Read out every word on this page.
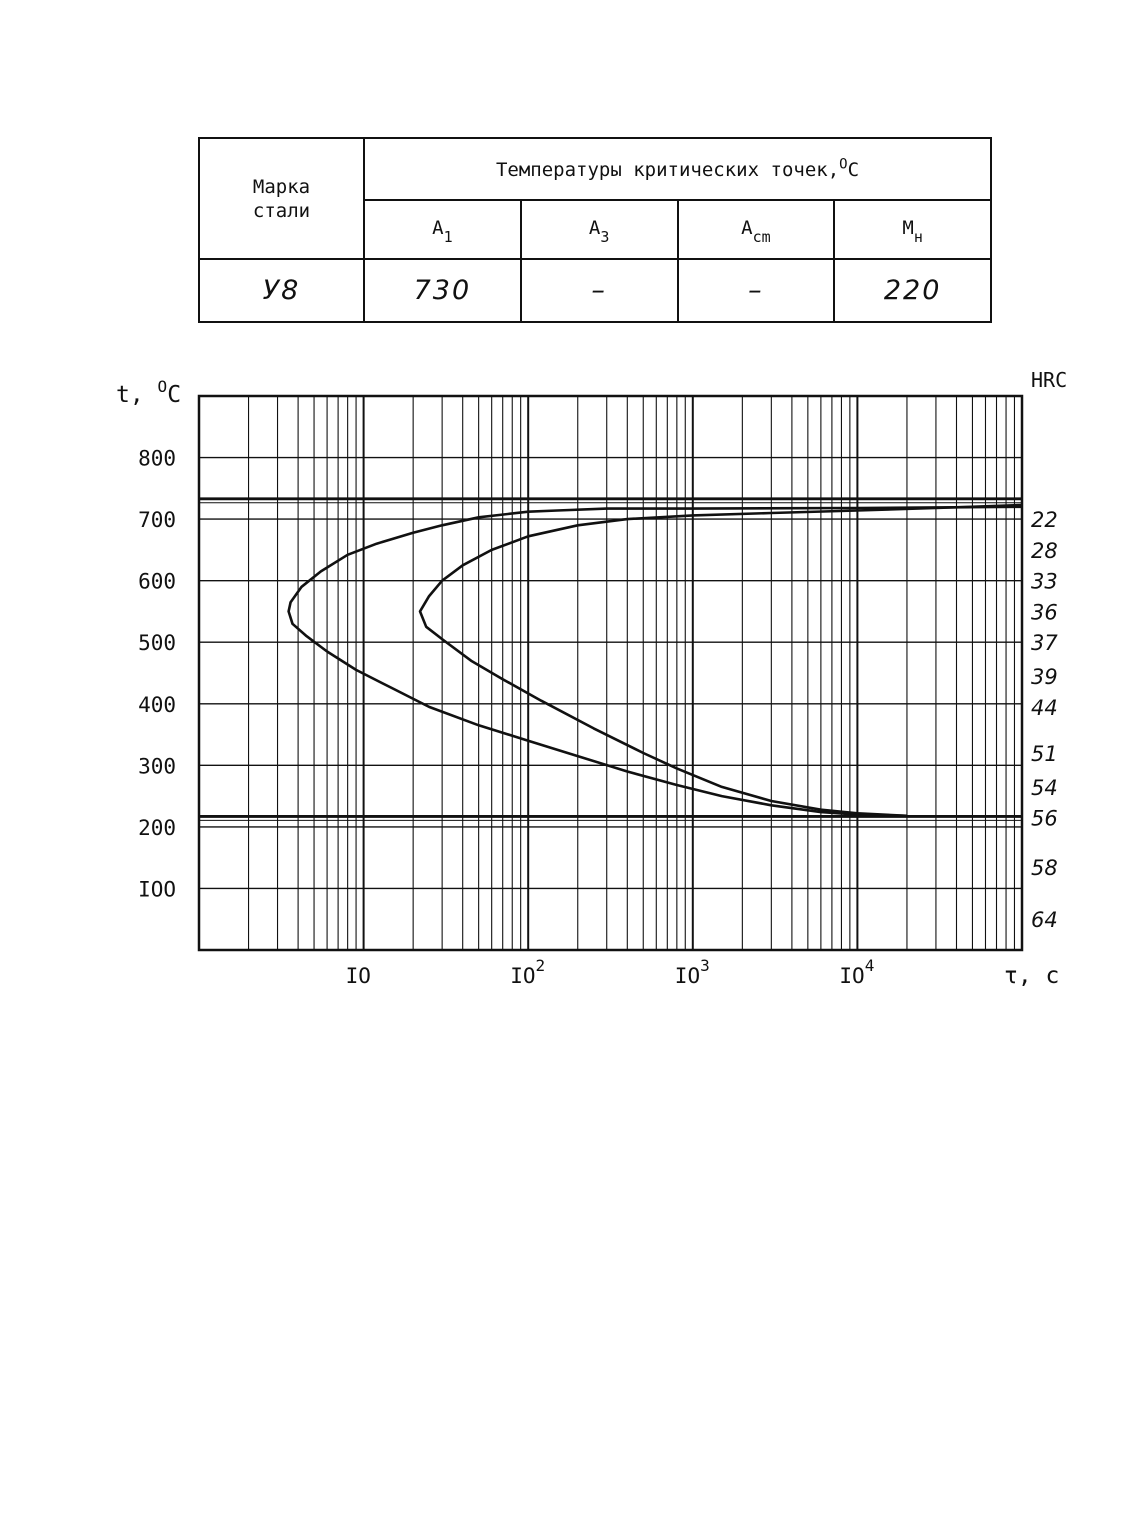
Марка
стали	Температуры критических точек,$^O$C			
	$A_1$	$A_3$	$A_{cm}$	$M_н$
У8	730	–	–	220
800
700
600
500
400
300
200
IOO
t, $^O$C
IO	$IO^2$	$IO^3$	$IO^4$	τ, с
HRC
22
28
33
36
37
39
44
51
54
56
58
64
